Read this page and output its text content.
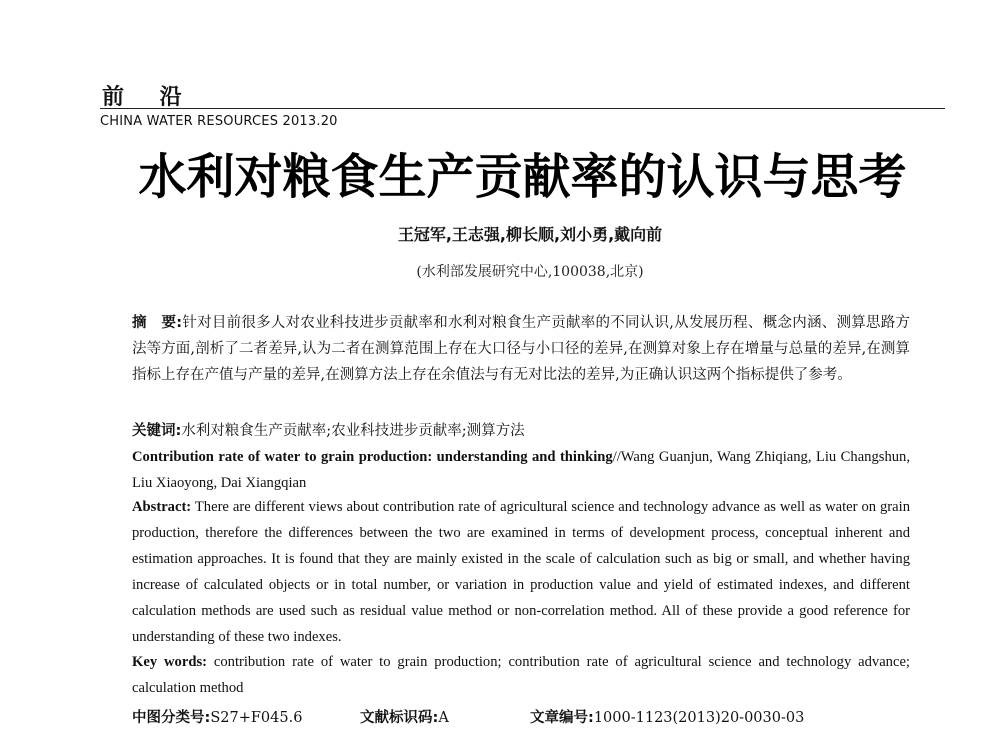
前 沿
CHINA WATER RESOURCES 2013.20
水利对粮食生产贡献率的认识与思考
王冠军,王志强,柳长顺,刘小勇,戴向前
(水利部发展研究中心,100038,北京)
摘　要:针对目前很多人对农业科技进步贡献率和水利对粮食生产贡献率的不同认识,从发展历程、概念内涵、测算思路方法等方面,剖析了二者差异,认为二者在测算范围上存在大口径与小口径的差异,在测算对象上存在增量与总量的差异,在测算指标上存在产值与产量的差异,在测算方法上存在余值法与有无对比法的差异,为正确认识这两个指标提供了参考。
关键词:水利对粮食生产贡献率;农业科技进步贡献率;测算方法
Contribution rate of water to grain production: understanding and thinking//Wang Guanjun, Wang Zhiqiang, Liu Changshun, Liu Xiaoyong, Dai Xiangqian
Abstract: There are different views about contribution rate of agricultural science and technology advance as well as water on grain production, therefore the differences between the two are examined in terms of development process, conceptual inherent and estimation approaches. It is found that they are mainly existed in the scale of calculation such as big or small, and whether having increase of calculated objects or in total number, or variation in production value and yield of estimated indexes, and different calculation methods are used such as residual value method or non-correlation method. All of these provide a good reference for understanding of these two indexes.
Key words: contribution rate of water to grain production; contribution rate of agricultural science and technology advance; calculation method
中图分类号:S27+F045.6	文献标识码:A	文章编号:1000-1123(2013)20-0030-03
